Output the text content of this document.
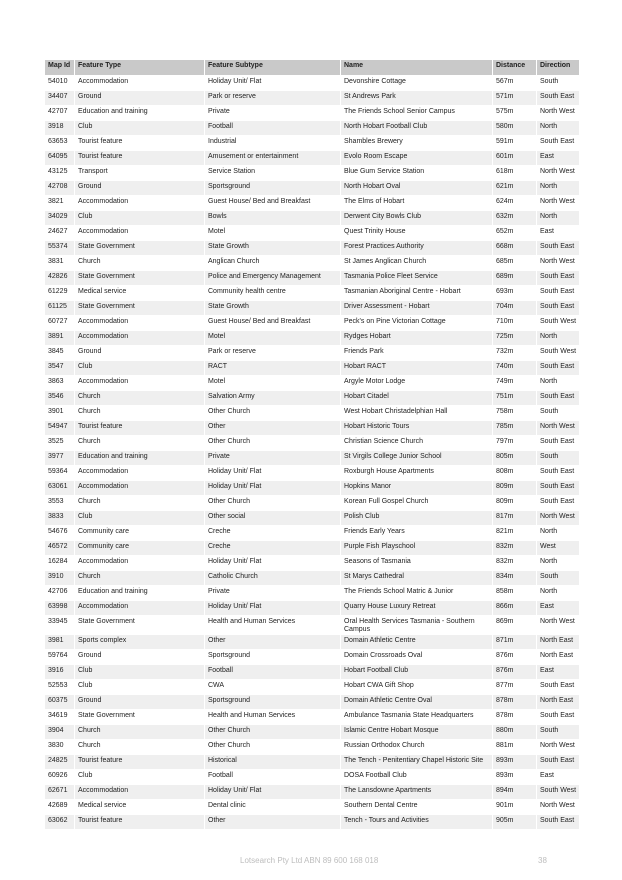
Map Id	Feature Type	Feature Subtype	Name	Distance	Direction
54010	Accommodation	Holiday Unit/ Flat	Devonshire Cottage	567m	South
34407	Ground	Park or reserve	St Andrews Park	571m	South East
42707	Education and training	Private	The Friends School Senior Campus	575m	North West
3918	Club	Football	North Hobart Football Club	580m	North
63653	Tourist feature	Industrial	Shambles Brewery	591m	South East
64095	Tourist feature	Amusement or entertainment	Evolo Room Escape	601m	East
43125	Transport	Service Station	Blue Gum Service Station	618m	North West
42708	Ground	Sportsground	North Hobart Oval	621m	North
3821	Accommodation	Guest House/ Bed and Breakfast	The Elms of Hobart	624m	North West
34029	Club	Bowls	Derwent City Bowls Club	632m	North
24627	Accommodation	Motel	Quest Trinity House	652m	East
55374	State Government	State Growth	Forest Practices Authority	668m	South East
3831	Church	Anglican Church	St James Anglican Church	685m	North West
42826	State Government	Police and Emergency Management	Tasmania Police Fleet Service	689m	South East
61229	Medical service	Community health centre	Tasmanian Aboriginal Centre - Hobart	693m	South East
61125	State Government	State Growth	Driver Assessment - Hobart	704m	South East
60727	Accommodation	Guest House/ Bed and Breakfast	Peck's on Pine Victorian Cottage	710m	South West
3891	Accommodation	Motel	Rydges Hobart	725m	North
3845	Ground	Park or reserve	Friends Park	732m	South West
3547	Club	RACT	Hobart RACT	740m	South East
3863	Accommodation	Motel	Argyle Motor Lodge	749m	North
3546	Church	Salvation Army	Hobart Citadel	751m	South East
3901	Church	Other Church	West Hobart Christadelphian Hall	758m	South
54947	Tourist feature	Other	Hobart Historic Tours	785m	North West
3525	Church	Other Church	Christian Science Church	797m	South East
3977	Education and training	Private	St Virgils College Junior School	805m	South
59364	Accommodation	Holiday Unit/ Flat	Roxburgh House Apartments	808m	South East
63061	Accommodation	Holiday Unit/ Flat	Hopkins Manor	809m	South East
3553	Church	Other Church	Korean Full Gospel Church	809m	South East
3833	Club	Other social	Polish Club	817m	North West
54676	Community care	Creche	Friends Early Years	821m	North
46572	Community care	Creche	Purple Fish Playschool	832m	West
16284	Accommodation	Holiday Unit/ Flat	Seasons of Tasmania	832m	North
3910	Church	Catholic Church	St Marys Cathedral	834m	South
42706	Education and training	Private	The Friends School Matric & Junior	858m	North
63998	Accommodation	Holiday Unit/ Flat	Quarry House Luxury Retreat	866m	East
33945	State Government	Health and Human Services	Oral Health Services Tasmania - Southern Campus	869m	North West
3981	Sports complex	Other	Domain Athletic Centre	871m	North East
59764	Ground	Sportsground	Domain Crossroads Oval	876m	North East
3916	Club	Football	Hobart Football Club	876m	East
52553	Club	CWA	Hobart CWA Gift Shop	877m	South East
60375	Ground	Sportsground	Domain Athletic Centre Oval	878m	North East
34619	State Government	Health and Human Services	Ambulance Tasmania State Headquarters	878m	South East
3904	Church	Other Church	Islamic Centre Hobart Mosque	880m	South
3830	Church	Other Church	Russian Orthodox Church	881m	North West
24825	Tourist feature	Historical	The Tench - Penitentiary Chapel Historic Site	893m	South East
60926	Club	Football	DOSA Football Club	893m	East
62671	Accommodation	Holiday Unit/ Flat	The Lansdowne Apartments	894m	South West
42689	Medical service	Dental clinic	Southern Dental Centre	901m	North West
63062	Tourist feature	Other	Tench - Tours and Activities	905m	South East
Lotsearch Pty Ltd ABN 89 600 168 018	38
